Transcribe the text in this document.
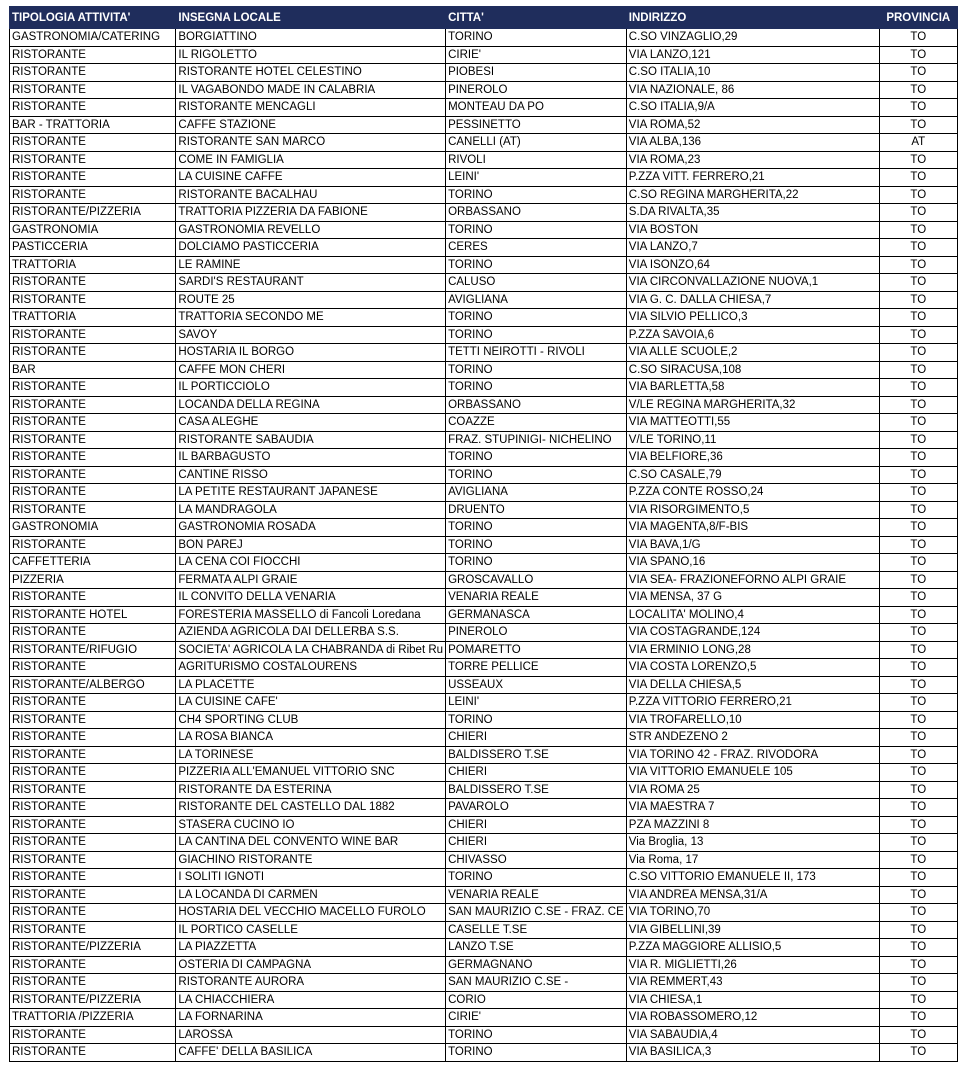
TIPOLOGIA ATTIVITA'	INSEGNA LOCALE	CITTA'	INDIRIZZO	PROVINCIA
GASTRONOMIA/CATERING	BORGIATTINO	TORINO	C.SO VINZAGLIO,29	TO
RISTORANTE	IL RIGOLETTO	CIRIE'	VIA LANZO,121	TO
RISTORANTE	RISTORANTE HOTEL CELESTINO	PIOBESI	C.SO ITALIA,10	TO
RISTORANTE	IL VAGABONDO MADE IN CALABRIA	PINEROLO	VIA NAZIONALE, 86	TO
RISTORANTE	RISTORANTE MENCAGLI	MONTEAU DA PO	C.SO ITALIA,9/A	TO
BAR - TRATTORIA	CAFFE STAZIONE	PESSINETTO	VIA ROMA,52	TO
RISTORANTE	RISTORANTE SAN MARCO	CANELLI (AT)	VIA ALBA,136	AT
RISTORANTE	COME IN FAMIGLIA	RIVOLI	VIA ROMA,23	TO
RISTORANTE	LA CUISINE CAFFE	LEINI'	P.ZZA VITT. FERRERO,21	TO
RISTORANTE	RISTORANTE BACALHAU	TORINO	C.SO REGINA MARGHERITA,22	TO
RISTORANTE/PIZZERIA	TRATTORIA PIZZERIA DA FABIONE	ORBASSANO	S.DA RIVALTA,35	TO
GASTRONOMIA	GASTRONOMIA REVELLO	TORINO	VIA BOSTON	TO
PASTICCERIA	DOLCIAMO PASTICCERIA	CERES	VIA LANZO,7	TO
TRATTORIA	LE RAMINE	TORINO	VIA ISONZO,64	TO
RISTORANTE	SARDI'S RESTAURANT	CALUSO	VIA CIRCONVALLAZIONE NUOVA,1	TO
RISTORANTE	ROUTE 25	AVIGLIANA	VIA G. C. DALLA CHIESA,7	TO
TRATTORIA	TRATTORIA SECONDO ME	TORINO	VIA SILVIO PELLICO,3	TO
RISTORANTE	SAVOY	TORINO	P.ZZA SAVOIA,6	TO
RISTORANTE	HOSTARIA IL BORGO	TETTI NEIROTTI - RIVOLI	VIA ALLE SCUOLE,2	TO
BAR	CAFFE MON CHERI	TORINO	C.SO SIRACUSA,108	TO
RISTORANTE	IL PORTICCIOLO	TORINO	VIA BARLETTA,58	TO
RISTORANTE	LOCANDA DELLA REGINA	ORBASSANO	V/LE REGINA MARGHERITA,32	TO
RISTORANTE	CASA ALEGHE	COAZZE	VIA MATTEOTTI,55	TO
RISTORANTE	RISTORANTE SABAUDIA	FRAZ. STUPINIGI- NICHELINO	V/LE TORINO,11	TO
RISTORANTE	IL BARBAGUSTO	TORINO	VIA BELFIORE,36	TO
RISTORANTE	CANTINE RISSO	TORINO	C.SO CASALE,79	TO
RISTORANTE	LA PETITE RESTAURANT JAPANESE	AVIGLIANA	P.ZZA CONTE ROSSO,24	TO
RISTORANTE	LA MANDRAGOLA	DRUENTO	VIA RISORGIMENTO,5	TO
GASTRONOMIA	GASTRONOMIA ROSADA	TORINO	VIA MAGENTA,8/F-BIS	TO
RISTORANTE	BON PAREJ	TORINO	VIA BAVA,1/G	TO
CAFFETTERIA	LA CENA COI FIOCCHI	TORINO	VIA SPANO,16	TO
PIZZERIA	FERMATA ALPI GRAIE	GROSCAVALLO	VIA SEA- FRAZIONEFORNO ALPI GRAIE	TO
RISTORANTE	IL CONVITO DELLA VENARIA	VENARIA REALE	VIA MENSA, 37 G	TO
RISTORANTE HOTEL	FORESTERIA MASSELLO di Fancoli Loredana	GERMANASCA	LOCALITA' MOLINO,4	TO
RISTORANTE	AZIENDA AGRICOLA DAI DELLERBA S.S.	PINEROLO	VIA COSTAGRANDE,124	TO
RISTORANTE/RIFUGIO	SOCIETA' AGRICOLA LA CHABRANDA di Ribet Ru	POMARETTO	VIA ERMINIO LONG,28	TO
RISTORANTE	AGRITURISMO COSTALOURENS	TORRE PELLICE	VIA COSTA LORENZO,5	TO
RISTORANTE/ALBERGO	LA PLACETTE	USSEAUX	VIA DELLA CHIESA,5	TO
RISTORANTE	LA CUISINE CAFE'	LEINI'	P.ZZA VITTORIO FERRERO,21	TO
RISTORANTE	CH4 SPORTING CLUB	TORINO	VIA TROFARELLO,10	TO
RISTORANTE	LA ROSA BIANCA	CHIERI	STR ANDEZENO 2	TO
RISTORANTE	LA TORINESE	BALDISSERO T.SE	VIA TORINO 42 - FRAZ. RIVODORA	TO
RISTORANTE	PIZZERIA ALL'EMANUEL VITTORIO SNC	CHIERI	VIA VITTORIO EMANUELE 105	TO
RISTORANTE	RISTORANTE DA ESTERINA	BALDISSERO T.SE	VIA ROMA 25	TO
RISTORANTE	RISTORANTE DEL CASTELLO DAL 1882	PAVAROLO	VIA MAESTRA 7	TO
RISTORANTE	STASERA CUCINO IO	CHIERI	PZA MAZZINI 8	TO
RISTORANTE	LA CANTINA DEL CONVENTO WINE BAR	CHIERI	Via Broglia, 13	TO
RISTORANTE	GIACHINO RISTORANTE	CHIVASSO	Via Roma, 17	TO
RISTORANTE	I SOLITI IGNOTI	TORINO	C.SO VITTORIO EMANUELE II, 173	TO
RISTORANTE	LA LOCANDA DI CARMEN	VENARIA REALE	VIA ANDREA MENSA,31/A	TO
RISTORANTE	HOSTARIA DEL VECCHIO MACELLO FUROLO	SAN MAURIZIO C.SE - FRAZ. CE	VIA TORINO,70	TO
RISTORANTE	IL PORTICO CASELLE	CASELLE T.SE	VIA GIBELLINI,39	TO
RISTORANTE/PIZZERIA	LA PIAZZETTA	LANZO T.SE	P.ZZA MAGGIORE ALLISIO,5	TO
RISTORANTE	OSTERIA DI CAMPAGNA	GERMAGNANO	VIA R. MIGLIETTI,26	TO
RISTORANTE	RISTORANTE AURORA	SAN MAURIZIO C.SE -	VIA REMMERT,43	TO
RISTORANTE/PIZZERIA	LA CHIACCHIERA	CORIO	VIA CHIESA,1	TO
TRATTORIA /PIZZERIA	LA FORNARINA	CIRIE'	VIA ROBASSOMERO,12	TO
RISTORANTE	LAROSSA	TORINO	VIA SABAUDIA,4	TO
RISTORANTE	CAFFE' DELLA BASILICA	TORINO	VIA BASILICA,3	TO
